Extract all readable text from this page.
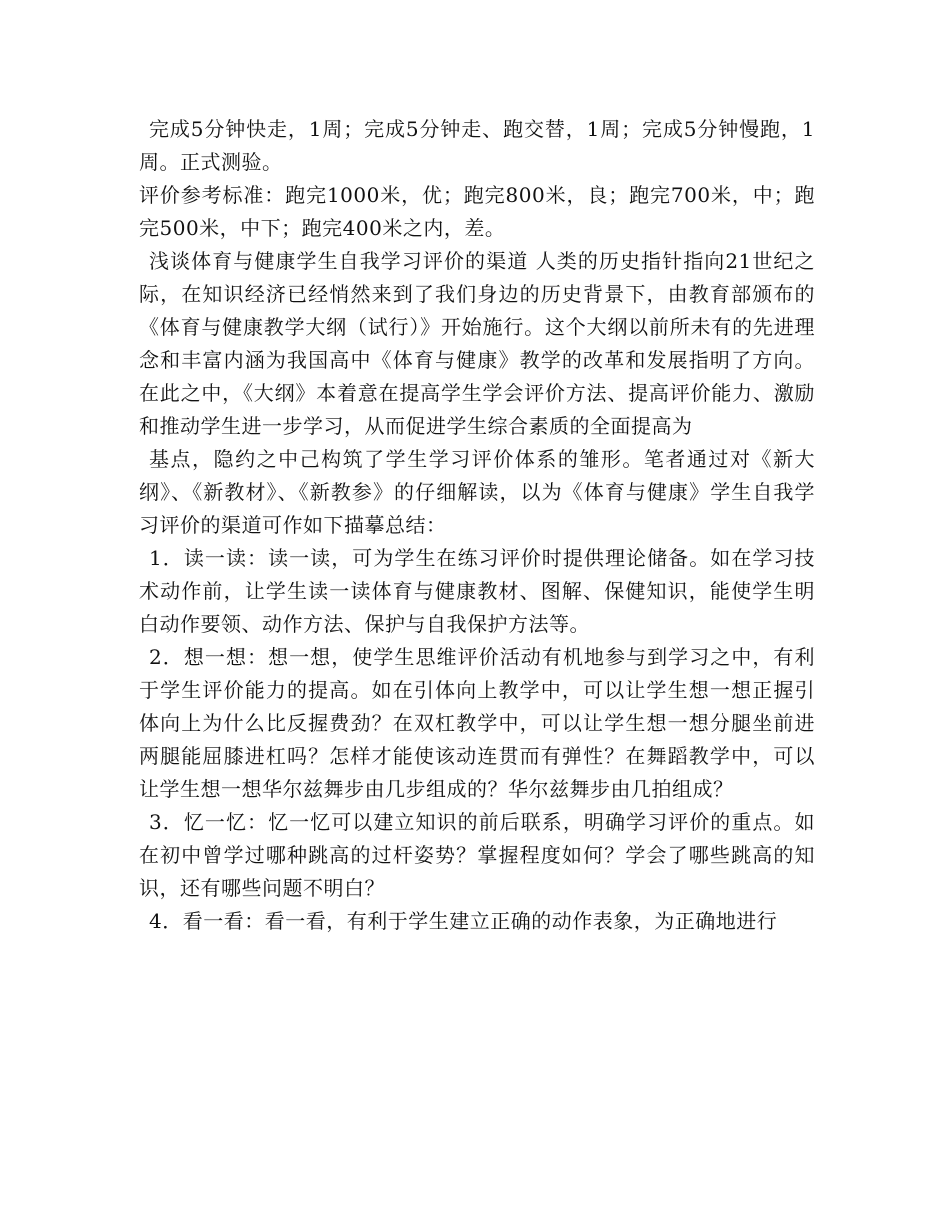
完成5分钟快走，1周；完成5分钟走、跑交替，1周；完成5分钟慢跑，1周。正式测验。

评价参考标准：跑完1000米，优；跑完800米，良；跑完700米，中；跑完500米，中下；跑完400米之内，差。

浅谈体育与健康学生自我学习评价的渠道 人类的历史指针指向21世纪之际，在知识经济已经悄然来到了我们身边的历史背景下，由教育部颁布的《体育与健康教学大纲（试行）》开始施行。这个大纲以前所未有的先进理念和丰富内涵为我国高中《体育与健康》教学的改革和发展指明了方向。在此之中，《大纲》本着意在提高学生学会评价方法、提高评价能力、激励和推动学生进一步学习，从而促进学生综合素质的全面提高为

基点，隐约之中己构筑了学生学习评价体系的雏形。笔者通过对《新大纲》、《新教材》、《新教参》的仔细解读，以为《体育与健康》学生自我学习评价的渠道可作如下描摹总结：

1．读一读：读一读，可为学生在练习评价时提供理论储备。如在学习技术动作前，让学生读一读体育与健康教材、图解、保健知识，能使学生明白动作要领、动作方法、保护与自我保护方法等。

2．想一想：想一想，使学生思维评价活动有机地参与到学习之中，有利于学生评价能力的提高。如在引体向上教学中，可以让学生想一想正握引体向上为什么比反握费劲？在双杠教学中，可以让学生想一想分腿坐前进两腿能屈膝进杠吗？怎样才能使该动连贯而有弹性？在舞蹈教学中，可以让学生想一想华尔兹舞步由几步组成的？华尔兹舞步由几拍组成？

3．忆一忆：忆一忆可以建立知识的前后联系，明确学习评价的重点。如在初中曾学过哪种跳高的过杆姿势？掌握程度如何？学会了哪些跳高的知识，还有哪些问题不明白？

4．看一看：看一看，有利于学生建立正确的动作表象，为正确地进行
